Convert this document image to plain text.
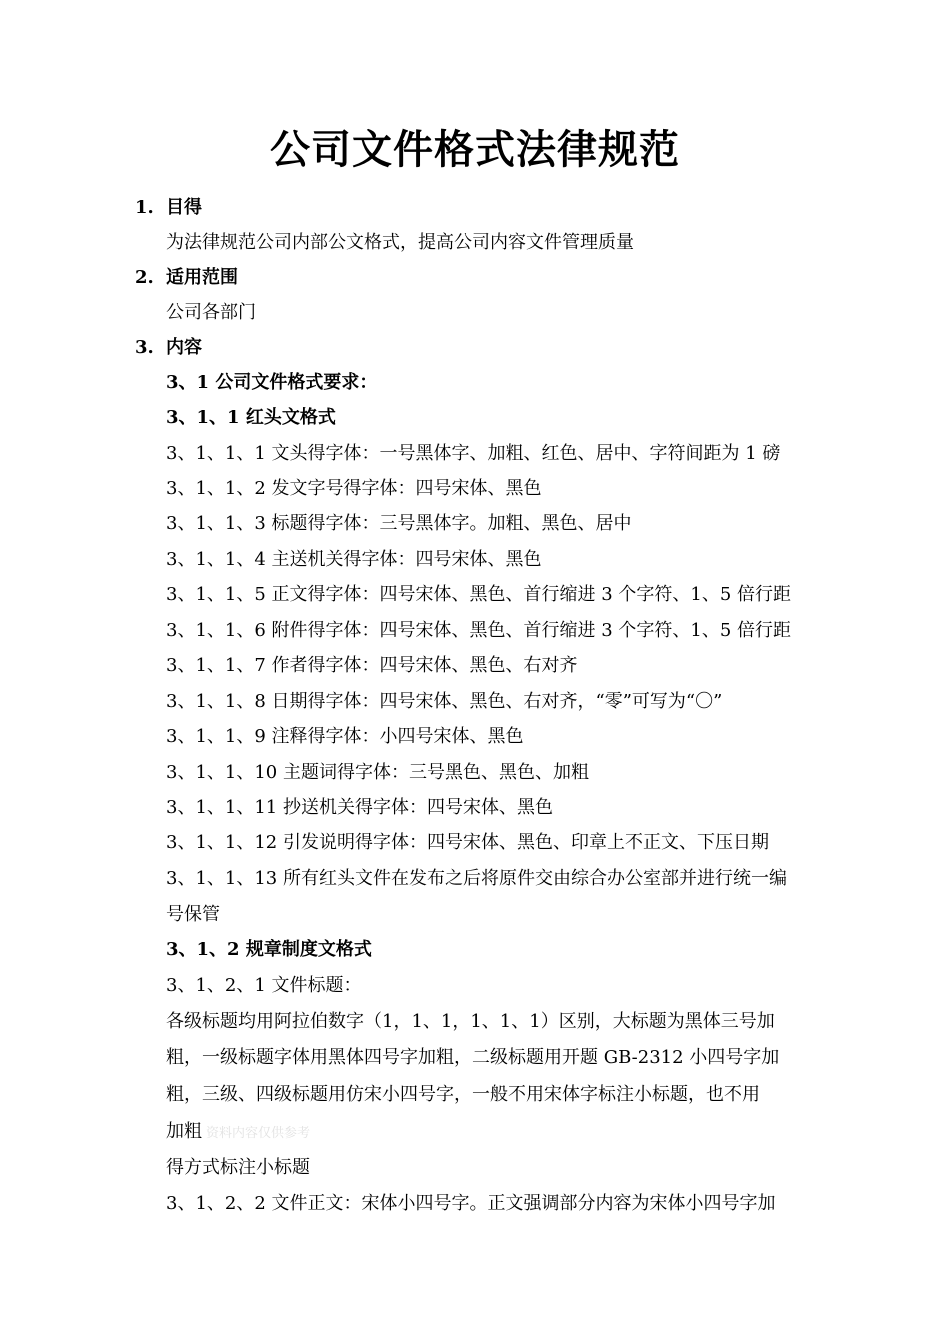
公司文件格式法律规范
1. 目得
为法律规范公司内部公文格式，提高公司内容文件管理质量
2. 适用范围
公司各部门
3. 内容
3、1 公司文件格式要求：
3、1、1 红头文格式
3、1、1、1 文头得字体：一号黑体字、加粗、红色、居中、字符间距为 1 磅
3、1、1、2 发文字号得字体：四号宋体、黑色
3、1、1、3 标题得字体：三号黑体字。加粗、黑色、居中
3、1、1、4 主送机关得字体：四号宋体、黑色
3、1、1、5 正文得字体：四号宋体、黑色、首行缩进 3 个字符、1、5 倍行距
3、1、1、6 附件得字体：四号宋体、黑色、首行缩进 3 个字符、1、5 倍行距
3、1、1、7 作者得字体：四号宋体、黑色、右对齐
3、1、1、8 日期得字体：四号宋体、黑色、右对齐，“零”可写为“〇”
3、1、1、9 注释得字体：小四号宋体、黑色
3、1、1、10 主题词得字体：三号黑色、黑色、加粗
3、1、1、11 抄送机关得字体：四号宋体、黑色
3、1、1、12 引发说明得字体：四号宋体、黑色、印章上不正文、下压日期
3、1、1、13 所有红头文件在发布之后将原件交由综合办公室部并进行统一编
号保管
3、1、2 规章制度文格式
3、1、2、1 文件标题：
各级标题均用阿拉伯数字（1，1、1，1、1、1）区别，大标题为黑体三号加
粗，一级标题字体用黑体四号字加粗，二级标题用开题 GB-2312 小四号字加
粗，三级、四级标题用仿宋小四号字，一般不用宋体字标注小标题，也不用
加粗 资料内容仅供参考
得方式标注小标题
3、1、2、2 文件正文：宋体小四号字。正文强调部分内容为宋体小四号字加
